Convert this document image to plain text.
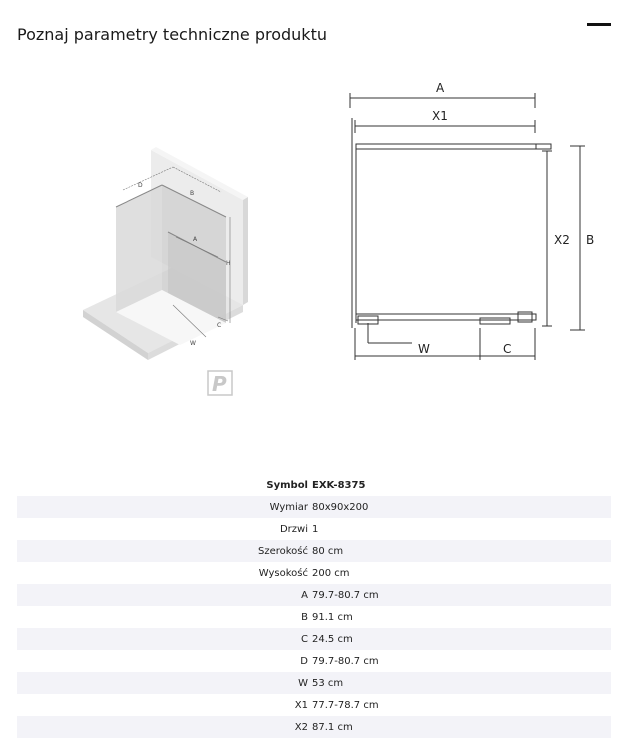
Poznaj parametry techniczne produktu
D
B
A
H
C
W
P
A
X1
X2 B
W	C
Symbol EXK-8375
Wymiar 80x90x200
Drzwi 1
Szerokość 80 cm
Wysokość 200 cm
A 79.7-80.7 cm
B 91.1 cm
C 24.5 cm
D 79.7-80.7 cm
W 53 cm
X1 77.7-78.7 cm
X2 87.1 cm
